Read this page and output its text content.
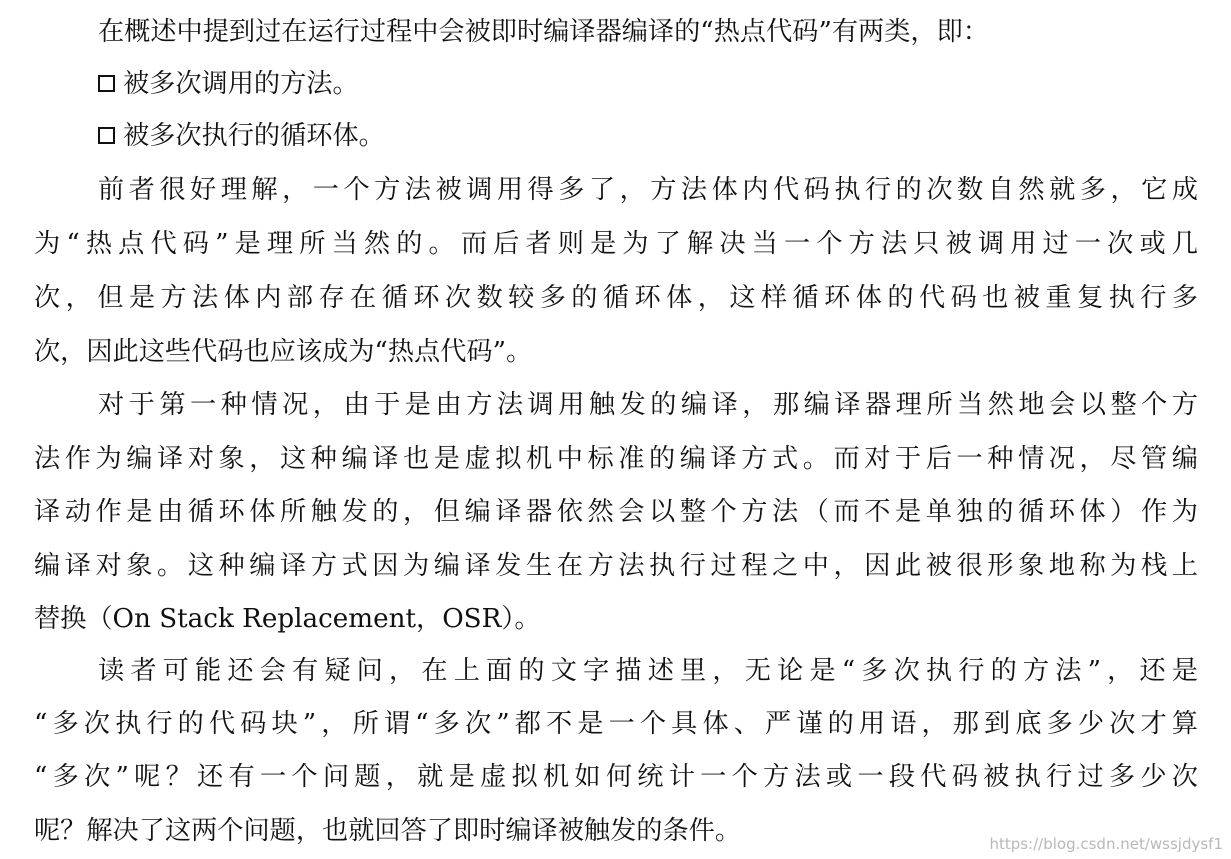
在概述中提到过在运行过程中会被即时编译器编译的“热点代码”有两类，即：
被多次调用的方法。
被多次执行的循环体。
前者很好理解，一个方法被调用得多了，方法体内代码执行的次数自然就多，它成
为“热点代码”是理所当然的。而后者则是为了解决当一个方法只被调用过一次或几
次，但是方法体内部存在循环次数较多的循环体，这样循环体的代码也被重复执行多
次，因此这些代码也应该成为“热点代码”。
对于第一种情况，由于是由方法调用触发的编译，那编译器理所当然地会以整个方
法作为编译对象，这种编译也是虚拟机中标准的编译方式。而对于后一种情况，尽管编
译动作是由循环体所触发的，但编译器依然会以整个方法（而不是单独的循环体）作为
编译对象。这种编译方式因为编译发生在方法执行过程之中，因此被很形象地称为栈上
替换（On Stack Replacement，OSR）。
读者可能还会有疑问，在上面的文字描述里，无论是“多次执行的方法”，还是
“多次执行的代码块”，所谓“多次”都不是一个具体、严谨的用语，那到底多少次才算
“多次”呢？还有一个问题，就是虚拟机如何统计一个方法或一段代码被执行过多少次
呢？解决了这两个问题，也就回答了即时编译被触发的条件。	https://blog.csdn.net/wssjdysf1
